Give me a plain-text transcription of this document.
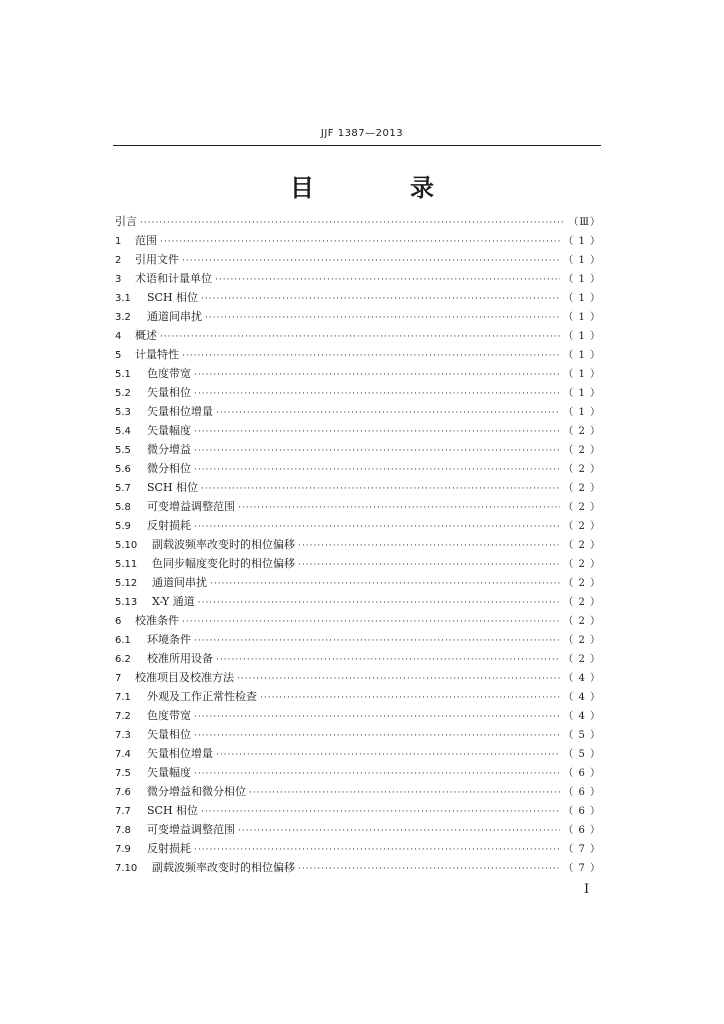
JJF 1387—2013
目　录
引言 ·····	（Ⅲ）
1	范围 ·····	（ 1 ）
2	引用文件 ·····	（ 1 ）
3	术语和计量单位 ·····	（ 1 ）
3.1	SCH 相位 ·····	（ 1 ）
3.2	通道间串扰 ·····	（ 1 ）
4	概述 ·····	（ 1 ）
5	计量特性 ·····	（ 1 ）
5.1	色度带宽 ·····	（ 1 ）
5.2	矢量相位 ·····	（ 1 ）
5.3	矢量相位增量 ·····	（ 1 ）
5.4	矢量幅度 ·····	（ 2 ）
5.5	微分增益 ·····	（ 2 ）
5.6	微分相位 ·····	（ 2 ）
5.7	SCH 相位 ·····	（ 2 ）
5.8	可变增益调整范围 ·····	（ 2 ）
5.9	反射损耗 ·····	（ 2 ）
5.10	副载波频率改变时的相位偏移 ·····	（ 2 ）
5.11	色同步幅度变化时的相位偏移 ·····	（ 2 ）
5.12	通道间串扰 ·····	（ 2 ）
5.13	X-Y 通道 ·····	（ 2 ）
6	校准条件 ·····	（ 2 ）
6.1	环境条件 ·····	（ 2 ）
6.2	校准所用设备 ·····	（ 2 ）
7	校准项目及校准方法 ·····	（ 4 ）
7.1	外观及工作正常性检查 ·····	（ 4 ）
7.2	色度带宽 ·····	（ 4 ）
7.3	矢量相位 ·····	（ 5 ）
7.4	矢量相位增量 ·····	（ 5 ）
7.5	矢量幅度 ·····	（ 6 ）
7.6	微分增益和微分相位 ·····	（ 6 ）
7.7	SCH 相位 ·····	（ 6 ）
7.8	可变增益调整范围 ·····	（ 6 ）
7.9	反射损耗 ·····	（ 7 ）
7.10	副载波频率改变时的相位偏移 ·····	（ 7 ）
I
